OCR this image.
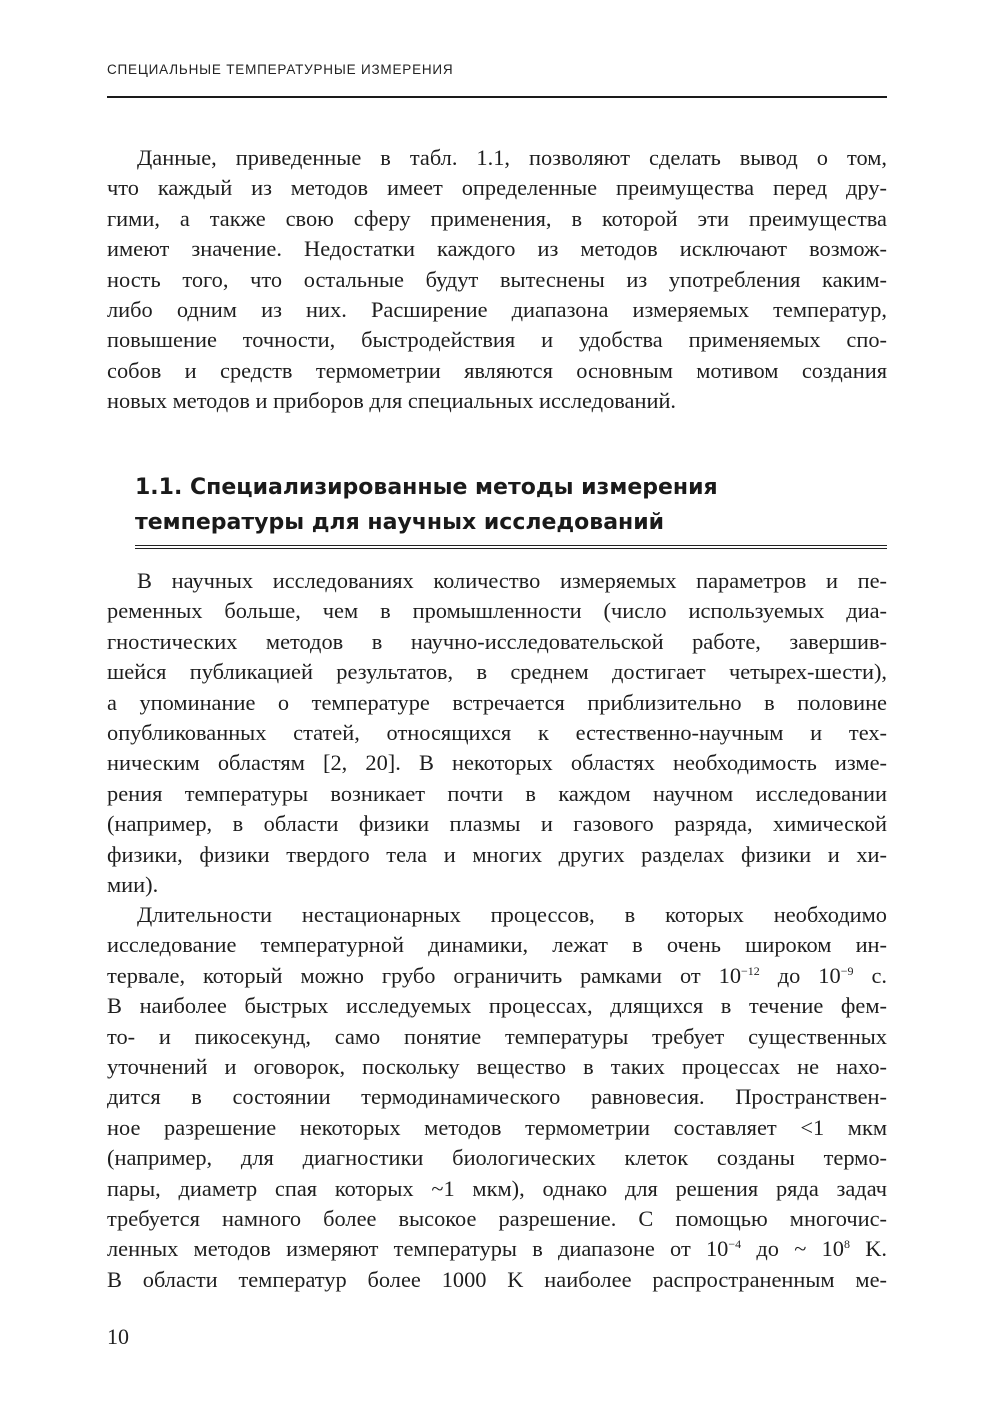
СПЕЦИАЛЬНЫЕ ТЕМПЕРАТУРНЫЕ ИЗМЕРЕНИЯ
Данные, приведенные в табл. 1.1, позволяют сделать вывод о том,
что каждый из методов имеет определенные преимущества перед дру-
гими, а также свою сферу применения, в которой эти преимущества
имеют значение. Недостатки каждого из методов исключают возмож-
ность того, что остальные будут вытеснены из употребления каким-
либо одним из них. Расширение диапазона измеряемых температур,
повышение точности, быстродействия и удобства применяемых спо-
собов и средств термометрии являются основным мотивом создания
новых методов и приборов для специальных исследований.
1.1. Специализированные методы измерения
температуры для научных исследований
В научных исследованиях количество измеряемых параметров и пе-
ременных больше, чем в промышленности (число используемых диа-
гностических методов в научно-исследовательской работе, завершив-
шейся публикацией результатов, в среднем достигает четырех-шести),
а упоминание о температуре встречается приблизительно в половине
опубликованных статей, относящихся к естественно-научным и тех-
ническим областям [2, 20]. В некоторых областях необходимость изме-
рения температуры возникает почти в каждом научном исследовании
(например, в области физики плазмы и газового разряда, химической
физики, физики твердого тела и многих других разделах физики и хи-
мии).
Длительности нестационарных процессов, в которых необходимо
исследование температурной динамики, лежат в очень широком ин-
тервале, который можно грубо ограничить рамками от $10^{-12}$ до $10^{-9}$ с.
В наиболее быстрых исследуемых процессах, длящихся в течение фем-
то- и пикосекунд, само понятие температуры требует существенных
уточнений и оговорок, поскольку вещество в таких процессах не нахо-
дится в состоянии термодинамического равновесия. Пространствен-
ное разрешение некоторых методов термометрии составляет <1 мкм
(например, для диагностики биологических клеток созданы термо-
пары, диаметр спая которых ~1 мкм), однако для решения ряда задач
требуется намного более высокое разрешение. С помощью многочис-
ленных методов измеряют температуры в диапазоне от $10^{-4}$ до ~ $10^8$ K.
В области температур более 1000 K наиболее распространенным ме-
10
